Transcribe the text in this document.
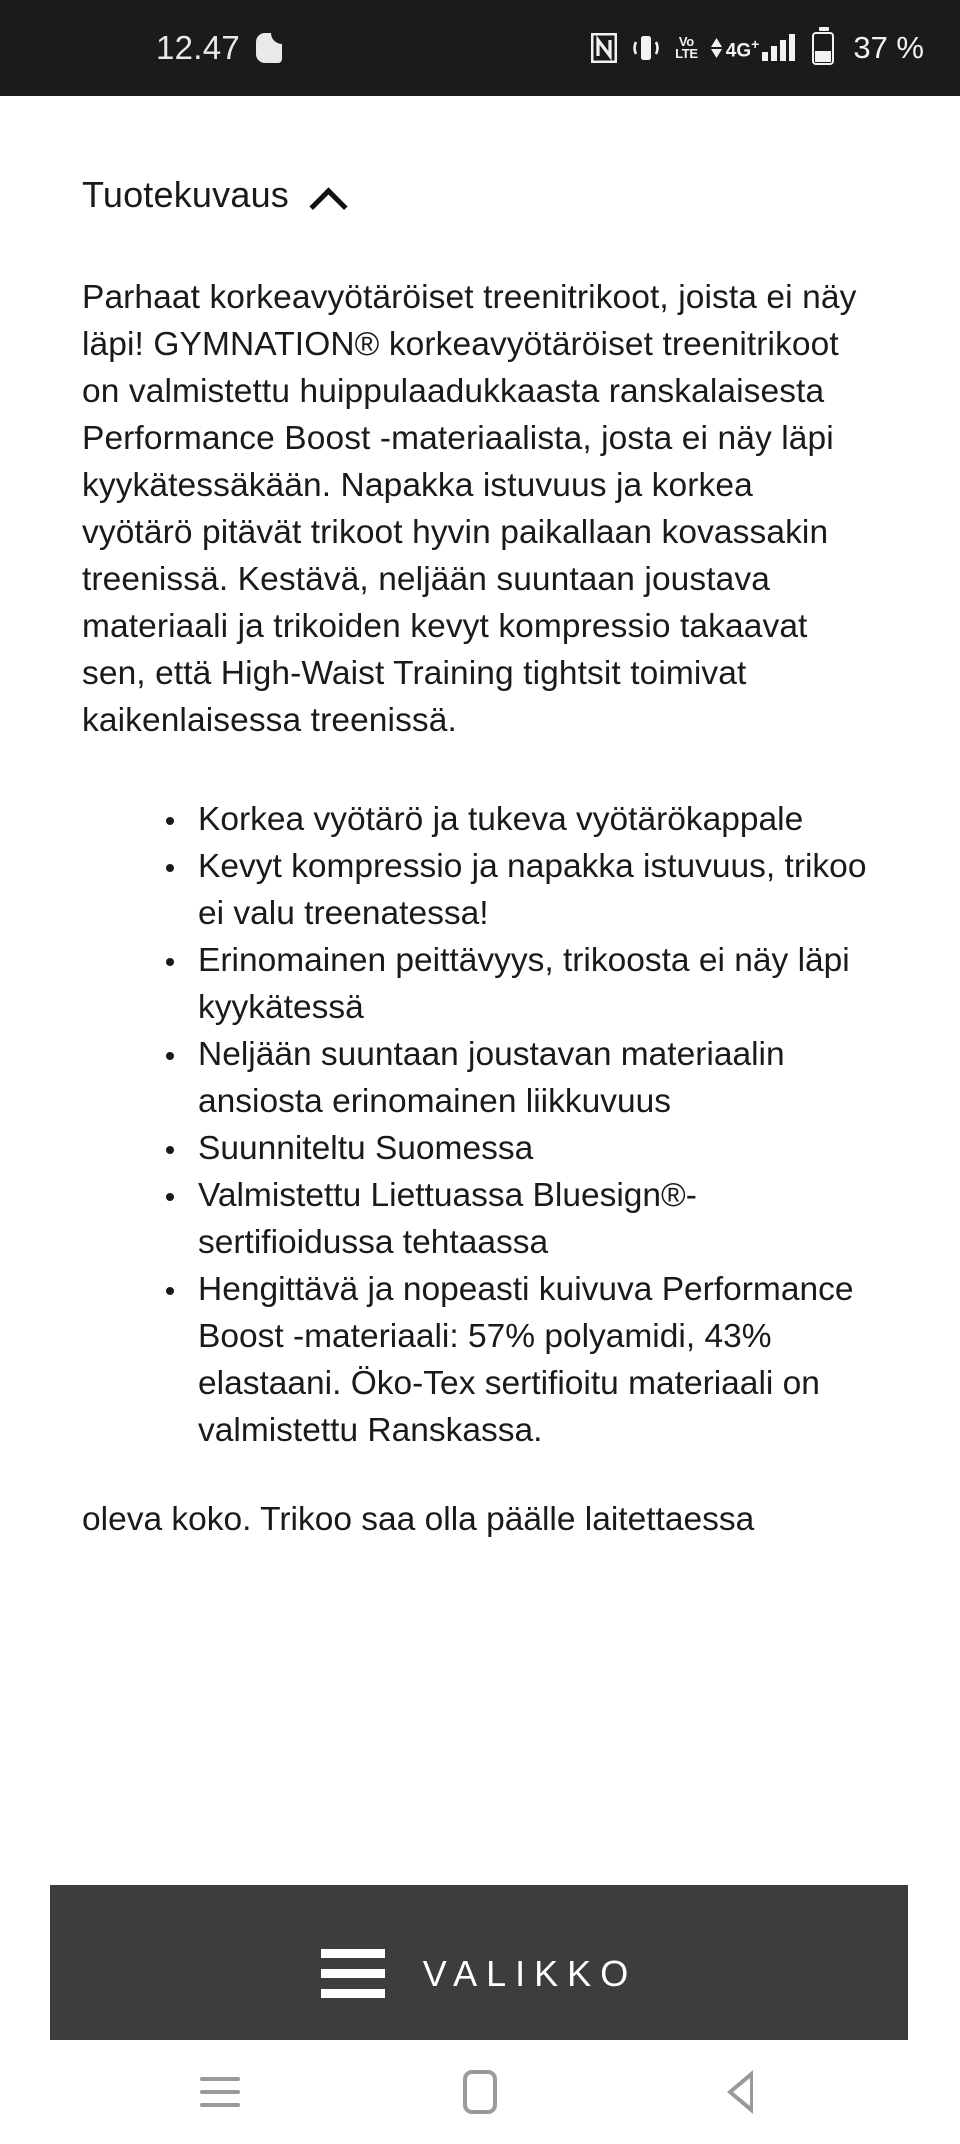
12.47	Vo
LTE 4G+	37 %
Tuotekuvaus

Parhaat korkeavyötäröiset treenitrikoot, joista ei näy läpi! GYMNATION® korkeavyötäröiset treenitrikoot on valmistettu huippulaadukkaasta ranskalaisesta Performance Boost -materiaalista, josta ei näy läpi kyykätessäkään. Napakka istuvuus ja korkea vyötärö pitävät trikoot hyvin paikallaan kovassakin treenissä. Kestävä, neljään suuntaan joustava materiaali ja trikoiden kevyt kompressio takaavat sen, että High-Waist Training tightsit toimivat kaikenlaisessa treenissä.

Korkea vyötärö ja tukeva vyötärökappale
Kevyt kompressio ja napakka istuvuus, trikoo ei valu treenatessa!
Erinomainen peittävyys, trikoosta ei näy läpi kyykätessä
Neljään suuntaan joustavan materiaalin ansiosta erinomainen liikkuvuus
Suunniteltu Suomessa
Valmistettu Liettuassa Bluesign®-sertifioidussa tehtaassa
Hengittävä ja nopeasti kuivuva Performance Boost -materiaali: 57% polyamidi, 43% elastaani. Öko-Tex sertifioitu materiaali on valmistettu Ranskassa.

oleva koko. Trikoo saa olla päälle laitettaessa

VALIKKO
